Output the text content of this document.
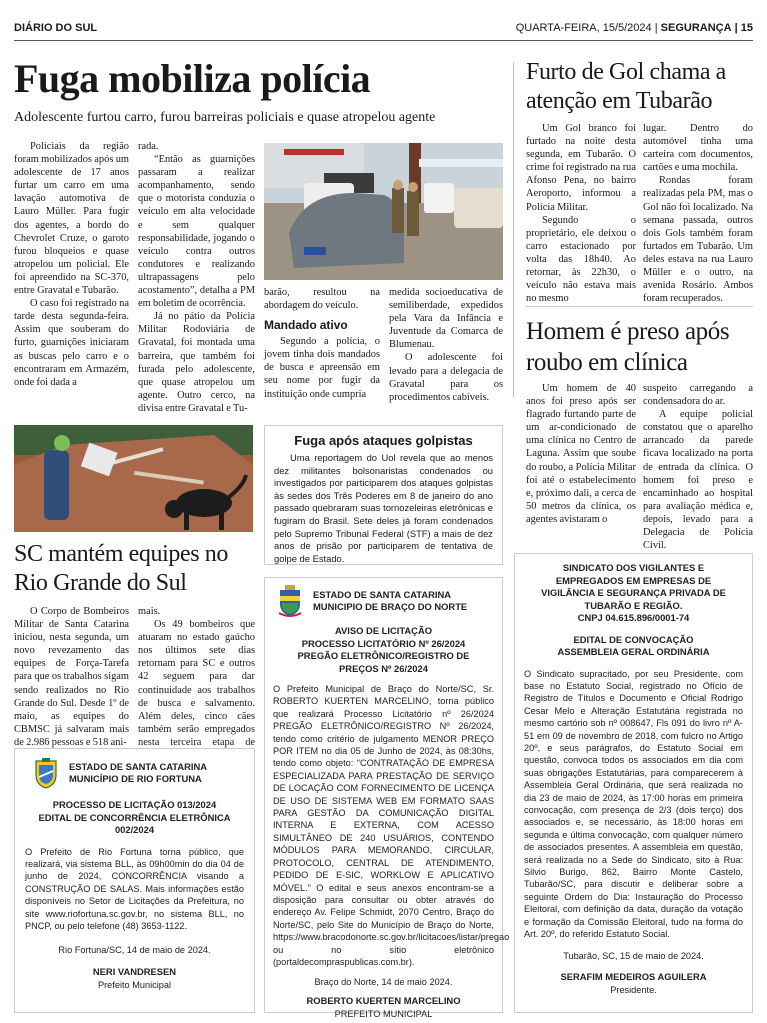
DIÁRIO DO SUL	QUARTA-FEIRA, 15/5/2024 | SEGURANÇA | 15
Fuga mobiliza polícia
Adolescente furtou carro, furou barreiras policiais e quase atropelou agente

Policiais da região foram mobilizados após um adolescente de 17 anos furtar um carro em uma lavação automotiva de Lauro Müller. Para fugir dos agentes, a bordo do Chevrolet Cruze, o garoto furou bloqueios e quase atropelou um policial. Ele foi apreendido na SC-370, entre Gravatal e Tubarão.

O caso foi registrado na tarde desta segunda-feira. Assim que souberam do furto, guarnições iniciaram as buscas pelo carro e o encontraram em Armazém, onde foi dada a

rada.

“Então as guarnições passaram a realizar acompanhamento, sendo que o motorista conduzia o veículo em alta velocidade e sem qualquer responsabilidade, jogando o veículo contra outros condutores e realizando ultrapassagens pelo acostamento”, detalha a PM em boletim de ocorrência.

Já no pátio da Polícia Militar Rodoviária de Gravatal, foi montada uma barreira, que também foi furada pelo adolescente, que quase atropelou um agente. Outro cerco, na divisa entre Gravatal e Tu-

barão, resultou na abordagem do veículo.

Mandado ativo

Segundo a polícia, o jovem tinha dois mandados de busca e apreensão em seu nome por fugir da instituição onde cumpria

medida socioeducativa de semiliberdade, expedidos pela Vara da Infância e Juventude da Comarca de Blumenau.

O adolescente foi levado para a delegacia de Gravatal para os procedimentos cabíveis.

Furto de Gol chama a atenção em Tubarão

Um Gol branco foi furtado na noite desta segunda, em Tubarão. O crime foi registrado na rua Afonso Pena, no bairro Aeroporto, informou a Polícia Militar.

Segundo o proprietário, ele deixou o carro estacionado por volta das 18h40. Ao retornar, às 22h30, o veículo não estava mais no mesmo

lugar. Dentro do automóvel tinha uma carteira com documentos, cartões e uma mochila.

Rondas foram realizadas pela PM, mas o Gol não foi localizado. Na semana passada, outros dois Gols também foram furtados em Tubarão. Um deles estava na rua Lauro Müller e o outro, na avenida Rosário. Ambos foram recuperados.

Homem é preso após roubo em clínica

Um homem de 40 anos foi preso após ser flagrado furtando parte de um ar-condicionado de uma clínica no Centro de Laguna. Assim que soube do roubo, a Polícia Militar foi até o estabelecimento e, próximo dali, a cerca de 50 metros da clínica, os agentes avistaram o

suspeito carregando a condensadora do ar.

A equipe policial constatou que o aparelho arrancado da parede ficava localizado na porta de entrada da clínica. O homem foi preso e encaminhado ao hospital para avaliação médica e, depois, levado para a Delegacia de Polícia Civil.

SC mantém equipes no Rio Grande do Sul

O Corpo de Bombeiros Militar de Santa Catarina iniciou, nesta segunda, um novo revezamento das equipes de Força-Tarefa para que os trabalhos sigam sendo realizados no Rio Grande do Sul. Desde 1º de maio, as equipes do CBMSC já salvaram mais de 2.986 pessoas e 518 ani-

mais.

Os 49 bombeiros que atuaram no estado gaúcho nos últimos sete dias retornam para SC e outros 42 seguem para dar continuidade aos trabalhos de busca e salvamento. Além deles, cinco cães também serão empregados nesta terceira etapa de

Fuga após ataques golpistas
Uma reportagem do Uol revela que ao menos dez militantes bolsonaristas condenados ou investigados por participarem dos ataques golpistas às sedes dos Três Poderes em 8 de janeiro do ano passado quebraram suas tornozeleiras eletrônicas e fugiram do Brasil. Sete deles já foram condenados pelo Supremo Tribunal Federal (STF) a mais de dez anos de prisão por participarem de tentativa de golpe de Estado.
ESTADO DE SANTA CATARINA
MUNICÍPIO DE RIO FORTUNA
PROCESSO DE LICITAÇÃO 013/2024
EDITAL DE CONCORRÊNCIA ELETRÔNICA 002/2024
O Prefeito de Rio Fortuna torna público, que realizará, via sistema BLL, às 09h00min do dia 04 de junho de 2024, CONCORRÊNCIA visando a CONSTRUÇÃO DE SALAS. Mais informações estão disponíveis no Setor de Licitações da Prefeitura, no site www.riofortuna.sc.gov.br, no sistema BLL, no PNCP, ou pelo telefone (48) 3653-1122.
Rio Fortuna/SC, 14 de maio de 2024.
NERI VANDRESEN
Prefeito Municipal
ESTADO DE SANTA CATARINA
MUNICIPIO DE BRAÇO DO NORTE
AVISO DE LICITAÇÃO
PROCESSO LICITATÓRIO Nº 26/2024
PREGÃO ELETRÔNICO/REGISTRO DE PREÇOS Nº 26/2024
O Prefeito Municipal de Braço do Norte/SC, Sr. ROBERTO KUERTEN MARCELINO, torna público que realizará Processo Licitatório nº 26/2024 PREGÃO ELETRÔNICO/REGISTRO Nº 26/2024, tendo como critério de julgamento MENOR PREÇO POR ITEM no dia 05 de Junho de 2024, às 08:30hs, tendo como objeto: “CONTRATAÇÃO DE EMPRESA ESPECIALIZADA PARA PRESTAÇÃO DE SERVIÇO DE LOCAÇÃO COM FORNECIMENTO DE LICENÇA DE USO DE SISTEMA WEB EM FORMATO SAAS PARA GESTÃO DA COMUNICAÇÃO DIGITAL INTERNA E EXTERNA, COM ACESSO SIMULTÂNEO DE 240 USUÁRIOS, CONTENDO MÓDULOS PARA MEMORANDO, CIRCULAR, PROTOCOLO, CENTRAL DE ATENDIMENTO, PEDIDO DE E-SIC, WORKLOW E APLICATIVO MÓVEL.” O edital e seus anexos encontram-se a disposição para consultar ou obter através do endereço Av. Felipe Schmidt, 2070 Centro, Braço do Norte/SC, pelo Site do Município de Braço do Norte, https://www.bracodonorte.sc.gov.br/licitacoes/listar/pregao ou no sítio eletrônico (portaldecompraspublicas.com.br).
Braço do Norte, 14 de maio 2024.
ROBERTO KUERTEN MARCELINO
PREFEITO MUNICIPAL
SINDICATO DOS VIGILANTES E EMPREGADOS EM EMPRESAS DE VIGILÂNCIA E SEGURANÇA PRIVADA DE TUBARÃO E REGIÃO.
CNPJ 04.615.896/0001-74
EDITAL DE CONVOCAÇÃO
ASSEMBLEIA GERAL ORDINÁRIA
O Sindicato supracitado, por seu Presidente, com base no Estatuto Social, registrado no Ofício de Registro de Títulos e Documento e Oficial Rodrigo Cesar Melo e Alteração Estatutária registrada no mesmo cartório sob nº 008647, Fls 091 do livro nº A-51 em 09 de novembro de 2018, com fulcro no Artigo 20º, e seus parágrafos, do Estatuto Social em questão, convoca todos os associados em dia com suas obrigações Estatutárias, para comparecerem à Assembleia Geral Ordinária, que será realizada no dia 23 de maio de 2024, às 17:00 horas em primeira convocação, com presença de 2/3 (dois terço) dos associados e, se necessário, às 18:00 horas em segunda e última convocação, com qualquer número de associados presentes. A assembleia em questão, será realizada no a Sede do Sindicato, sito à Rua: Silvio Burigo, 862, Bairro Monte Castelo, Tubarão/SC, para discutir e deliberar sobre a seguinte Ordem do Dia: Instauração do Processo Eleitoral, com definição da data, duração da votação e formação da Comissão Eleitoral, tudo na forma do Art. 20º, do referido Estatuto Social.
Tubarão, SC, 15 de maio de 2024.
SERAFIM MEDEIROS AGUILERA
Presidente.
